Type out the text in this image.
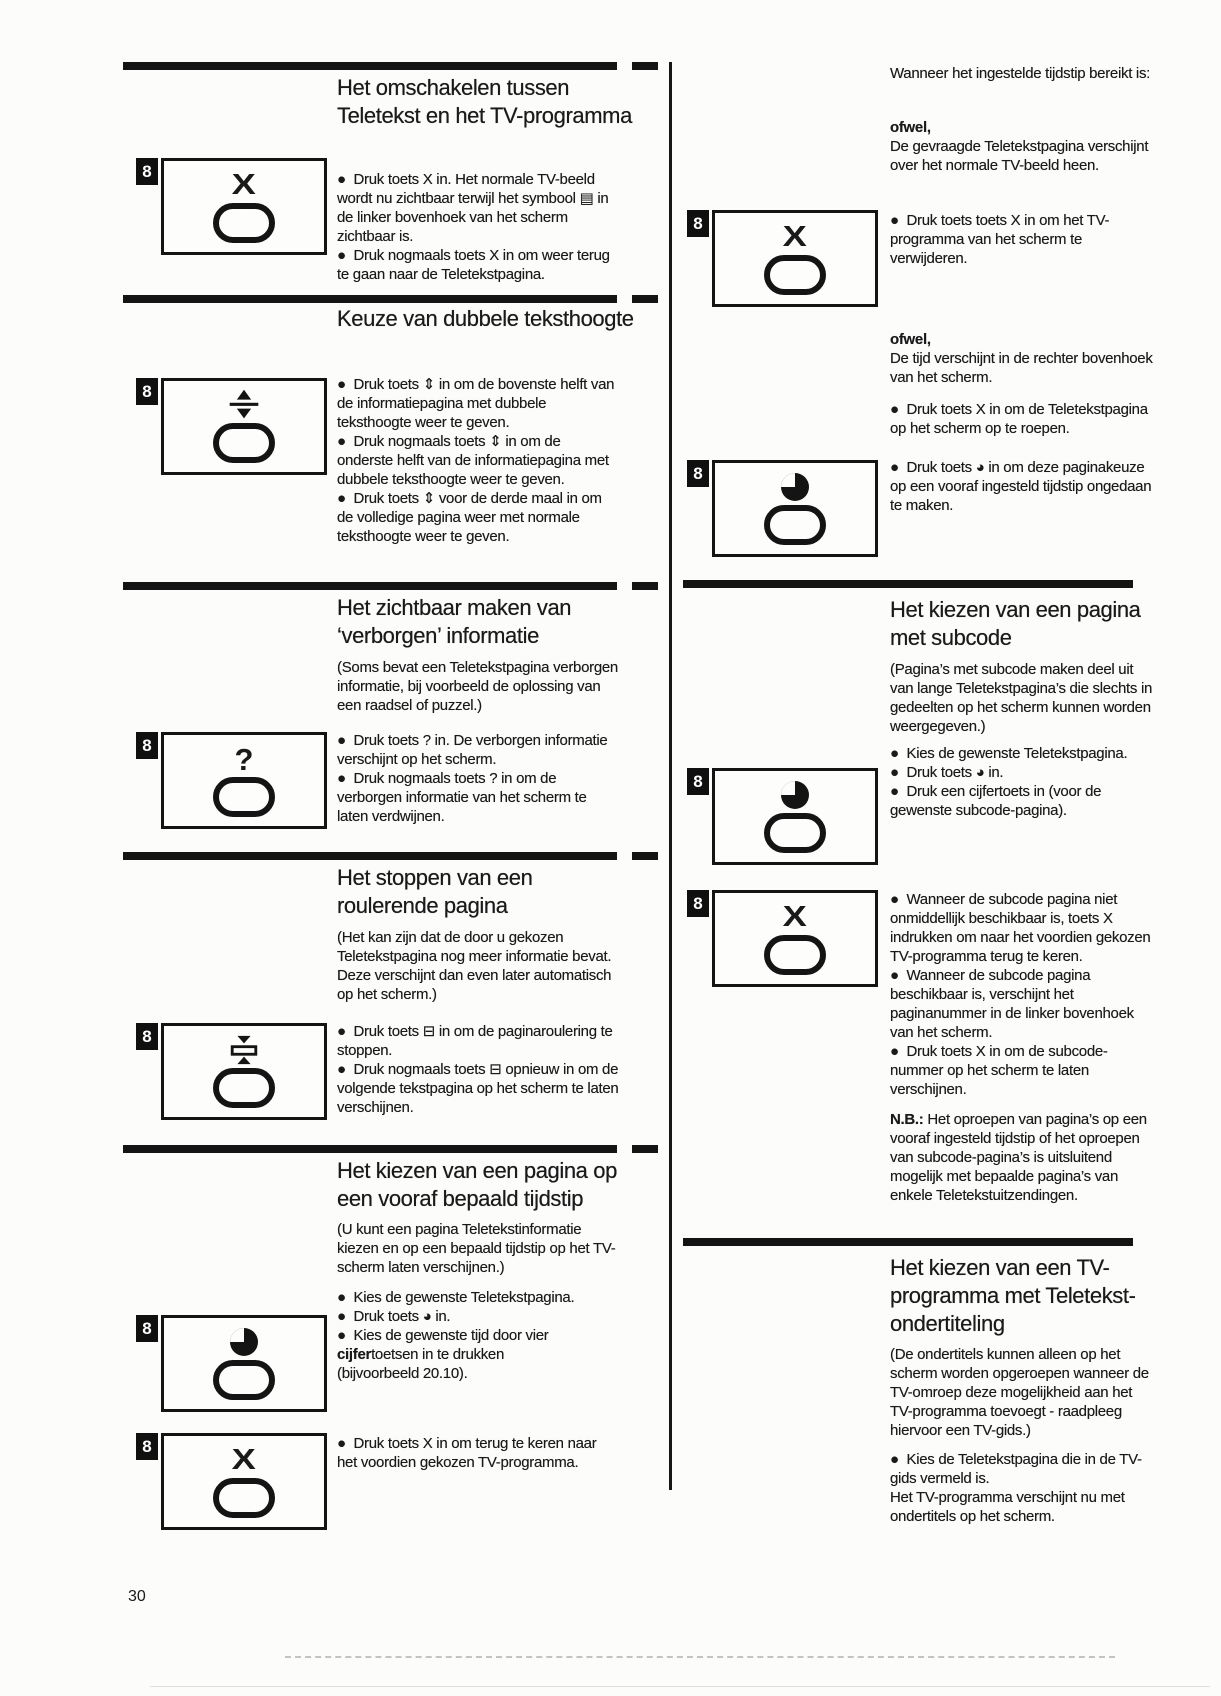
Het omschakelen tussen Teletekst en het TV-programma
8	X	●  Druk toets X in. Het normale TV-beeld wordt nu zichtbaar terwijl het symbool ▤ in de linker bovenhoek van het scherm zichtbaar is.

●  Druk nogmaals toets X in om weer terug te gaan naar de Teletekstpagina.

Keuze van dubbele teksthoogte
8	●  Druk toets ⇕ in om de bovenste helft van de informatiepagina met dubbele teksthoogte weer te geven.

●  Druk nogmaals toets ⇕ in om de onderste helft van de informatiepagina met dubbele teksthoogte weer te geven.

●  Druk toets ⇕ voor de derde maal in om de volledige pagina weer met normale teksthoogte weer te geven.

Het zichtbaar maken van ‘verborgen’ informatie

(Soms bevat een Teletekstpagina verborgen informatie, bij voorbeeld de oplossing van een raadsel of puzzel.)

8	?

●  Druk toets ? in. De verborgen informatie verschijnt op het scherm.

●  Druk nogmaals toets ? in om de verborgen informatie van het scherm te laten verdwijnen.

Het stoppen van een roulerende pagina

(Het kan zijn dat de door u gekozen Teletekstpagina nog meer informatie bevat. Deze verschijnt dan even later automatisch op het scherm.)

8	●  Druk toets ⊟ in om de paginaroulering te stoppen.

●  Druk nogmaals toets ⊟ opnieuw in om de volgende tekstpagina op het scherm te laten verschijnen.

Het kiezen van een pagina op een vooraf bepaald tijdstip

(U kunt een pagina Teletekstinformatie kiezen en op een bepaald tijdstip op het TV-scherm laten verschijnen.)

●  Kies de gewenste Teletekstpagina.

●  Druk toets ◕ in.

●  Kies de gewenste tijd door vier cijfertoetsen in te drukken (bijvoorbeeld 20.10).

8
8	X	●  Druk toets X in om terug te keren naar het voordien gekozen TV-programma.

Wanneer het ingestelde tijdstip bereikt is:

ofwel,

De gevraagde Teletekstpagina verschijnt over het normale TV-beeld heen.

8	X	●  Druk toets toets X in om het TV-programma van het scherm te verwijderen.

ofwel,

De tijd verschijnt in de rechter bovenhoek van het scherm.

●  Druk toets X in om de Teletekstpagina op het scherm op te roepen.

8	●  Druk toets ◕ in om deze paginakeuze op een vooraf ingesteld tijdstip ongedaan te maken.

Het kiezen van een pagina met subcode

(Pagina’s met subcode maken deel uit van lange Teletekstpagina’s die slechts in gedeelten op het scherm kunnen worden weergegeven.)

●  Kies de gewenste Teletekstpagina.

●  Druk toets ◕ in.

●  Druk een cijfertoets in (voor de gewenste subcode-pagina).

8
8	X

●  Wanneer de subcode pagina niet onmiddellijk beschikbaar is, toets X indrukken om naar het voordien gekozen TV-programma terug te keren.

●  Wanneer de subcode pagina beschikbaar is, verschijnt het paginanummer in de linker bovenhoek van het scherm.

●  Druk toets X in om de subcode-nummer op het scherm te laten verschijnen.

N.B.: Het oproepen van pagina’s op een vooraf ingesteld tijdstip of het oproepen van subcode-pagina’s is uitsluitend mogelijk met bepaalde pagina’s van enkele Teletekstuitzendingen.

Het kiezen van een TV-programma met Teletekst-ondertiteling

(De ondertitels kunnen alleen op het scherm worden opgeroepen wanneer de TV-omroep deze mogelijkheid aan het TV-programma toevoegt - raadpleeg hiervoor een TV-gids.)

●  Kies de Teletekstpagina die in de TV-gids vermeld is.

Het TV-programma verschijnt nu met ondertitels op het scherm.

30
